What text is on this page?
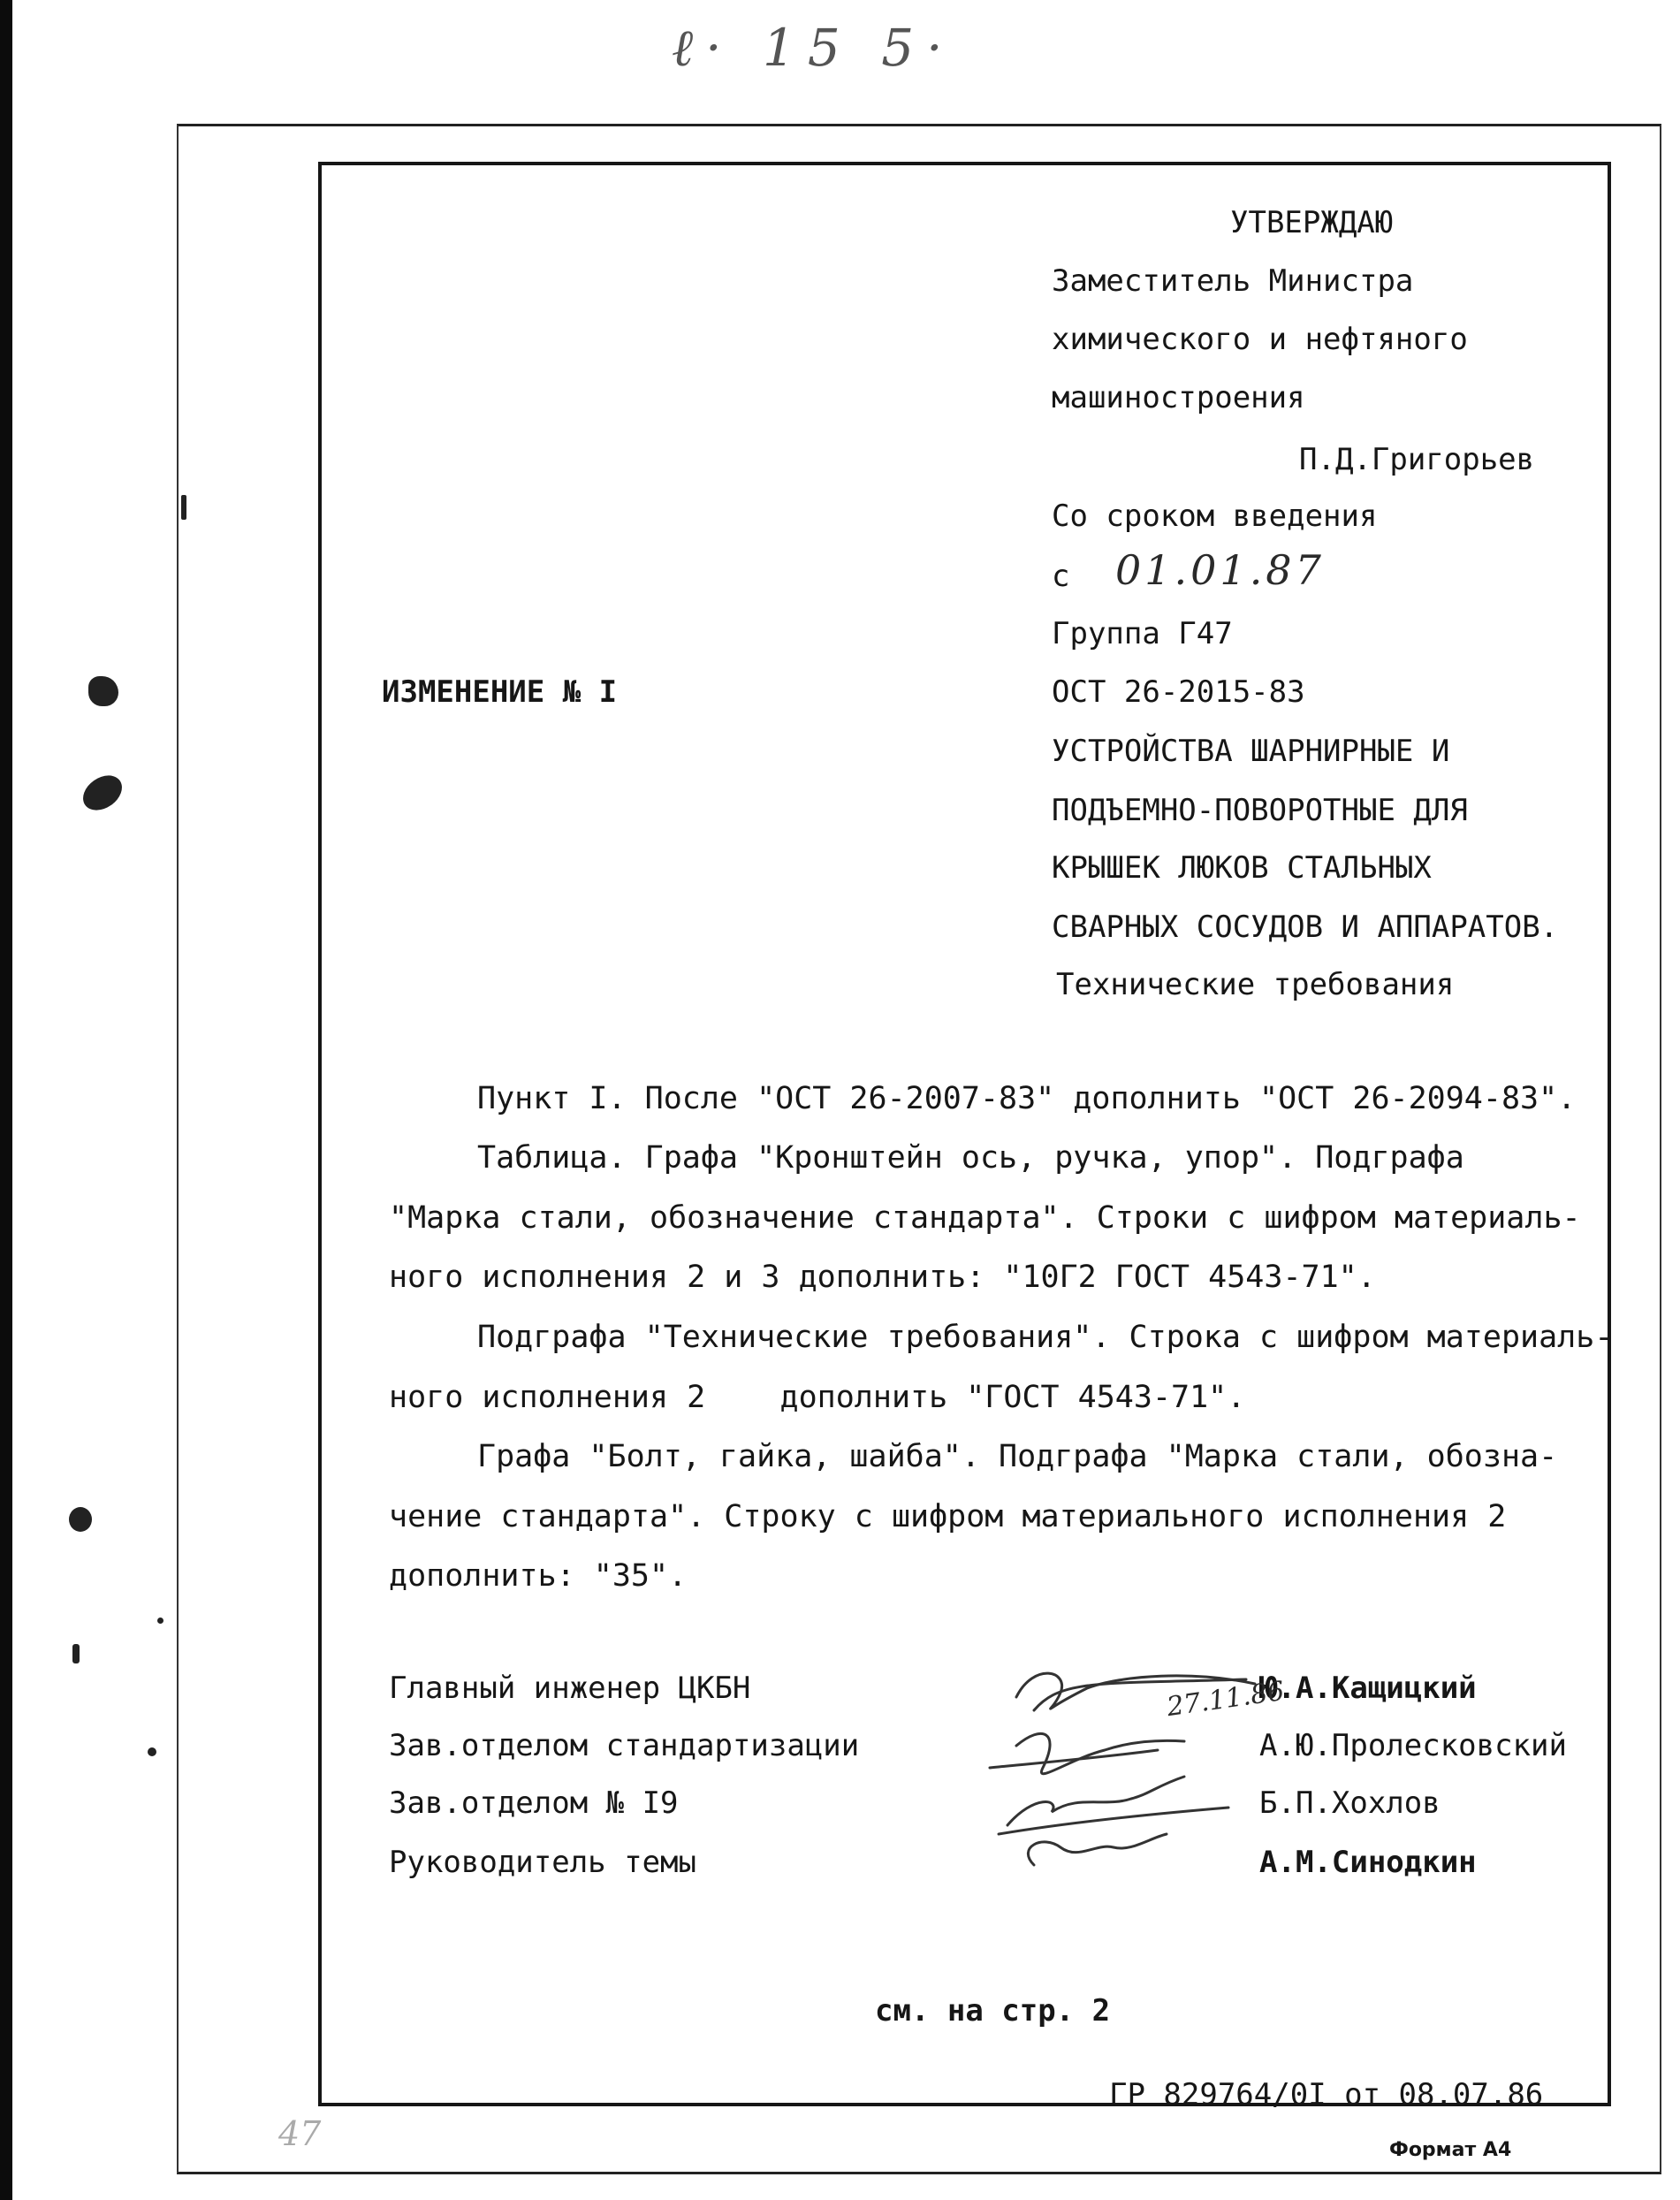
ℓ· 15 5·
УТВЕРЖДАЮ
Заместитель Министра
химического и нефтяного
машиностроения
П.Д.Григорьев
Со сроком введения
с 01.01.87
Группа Г47
ОСТ 26-2015-83
УСТРОЙСТВА ШАРНИРНЫЕ И
ПОДЪЕМНО-ПОВОРОТНЫЕ ДЛЯ
КРЫШЕК ЛЮКОВ СТАЛЬНЫХ
СВАРНЫХ СОСУДОВ И АППАРАТОВ.
Технические требования
ИЗМЕНЕНИЕ № I
Пункт I. После "ОСТ 26-2007-83" дополнить "ОСТ 26-2094-83".
Таблица. Графа "Кронштейн ось, ручка, упор". Подграфа
"Марка стали, обозначение стандарта". Строки с шифром материаль-
ного исполнения 2 и 3 дополнить: "10Г2 ГОСТ 4543-71".
Подграфа "Технические требования". Строка с шифром материаль-
ного исполнения 2    дополнить "ГОСТ 4543-71".
Графа "Болт, гайка, шайба". Подграфа "Марка стали, обозна-
чение стандарта". Строку с шифром материального исполнения 2
дополнить: "35".
Главный инженер ЦКБН	Ю.А.Кащицкий
Зав.отделом стандартизации	А.Ю.Пролесковский
Зав.отделом № I9	Б.П.Хохлов
Руководитель темы	А.М.Синодкин
27.11.86
см. на стр. 2
ГР 829764/0I от 08.07.86
47	Формат А4
